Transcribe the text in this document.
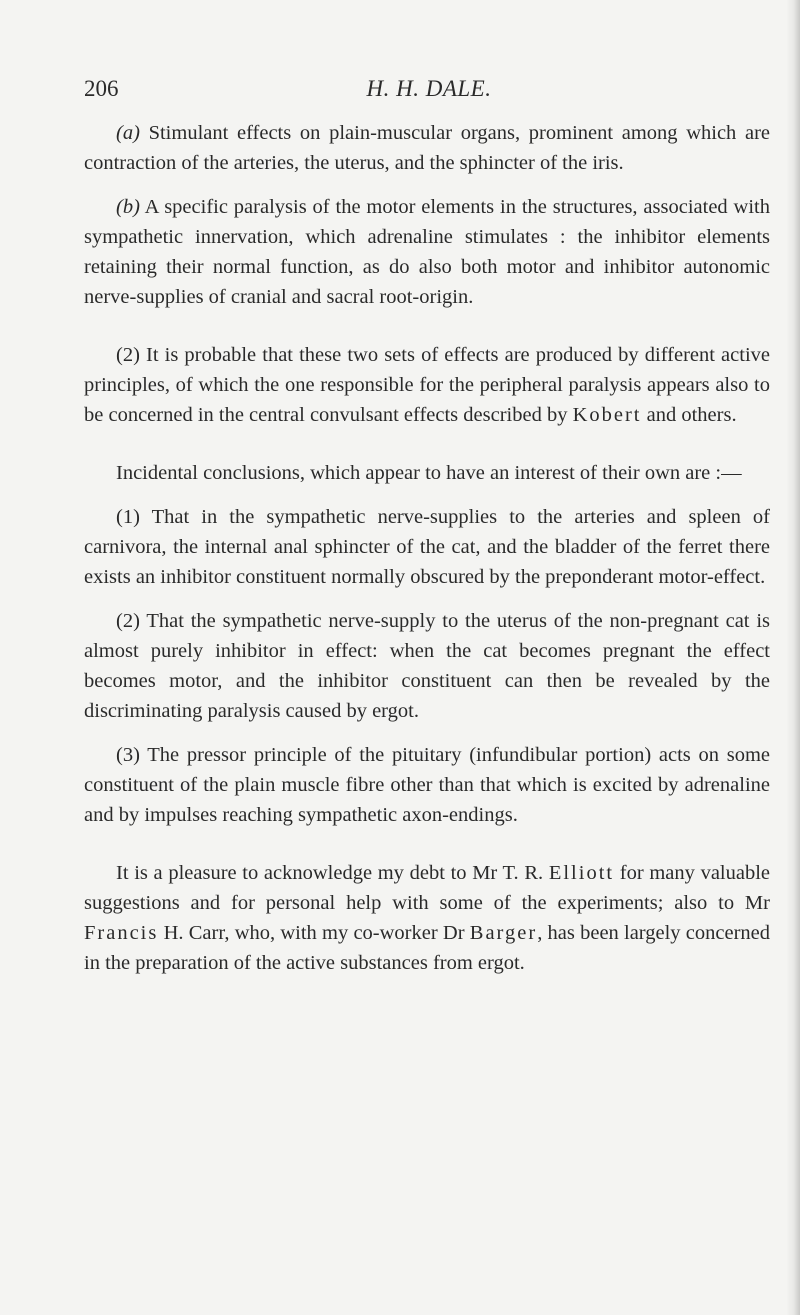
206	H. H. DALE.

(a) Stimulant effects on plain-muscular organs, prominent among which are contraction of the arteries, the uterus, and the sphincter of the iris.

(b) A specific paralysis of the motor elements in the structures, associated with sympathetic innervation, which adrenaline stimulates : the inhibitor elements retaining their normal function, as do also both motor and inhibitor autonomic nerve-supplies of cranial and sacral root-origin.

(2) It is probable that these two sets of effects are produced by different active principles, of which the one responsible for the peripheral paralysis appears also to be concerned in the central convulsant effects described by Kobert and others.

Incidental conclusions, which appear to have an interest of their own are :—

(1) That in the sympathetic nerve-supplies to the arteries and spleen of carnivora, the internal anal sphincter of the cat, and the bladder of the ferret there exists an inhibitor constituent normally obscured by the preponderant motor-effect.

(2) That the sympathetic nerve-supply to the uterus of the non-pregnant cat is almost purely inhibitor in effect: when the cat becomes pregnant the effect becomes motor, and the inhibitor constituent can then be revealed by the discriminating paralysis caused by ergot.

(3) The pressor principle of the pituitary (infundibular portion) acts on some constituent of the plain muscle fibre other than that which is excited by adrenaline and by impulses reaching sympathetic axon-endings.

It is a pleasure to acknowledge my debt to Mr T. R. Elliott for many valuable suggestions and for personal help with some of the experiments; also to Mr Francis H. Carr, who, with my co-worker Dr Barger, has been largely concerned in the preparation of the active substances from ergot.
